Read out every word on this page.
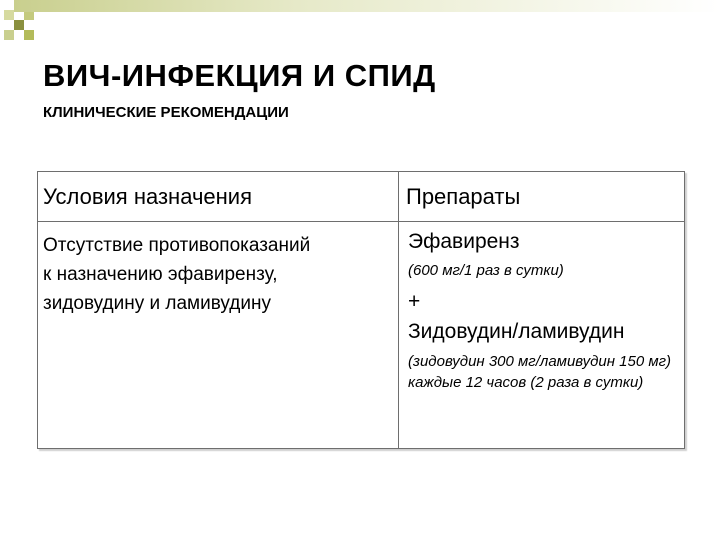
ВИЧ-ИНФЕКЦИЯ И СПИД
КЛИНИЧЕСКИЕ РЕКОМЕНДАЦИИ
Условия назначения	Препараты
Отсутствие противопоказаний
к назначению эфавирензу,
зидовудину и ламивудину	Эфавиренз
(600 мг/1 раз в сутки)
+
Зидовудин/ламивудин
(зидовудин 300 мг/ламивудин 150 мг) каждые 12 часов (2 раза в сутки)
